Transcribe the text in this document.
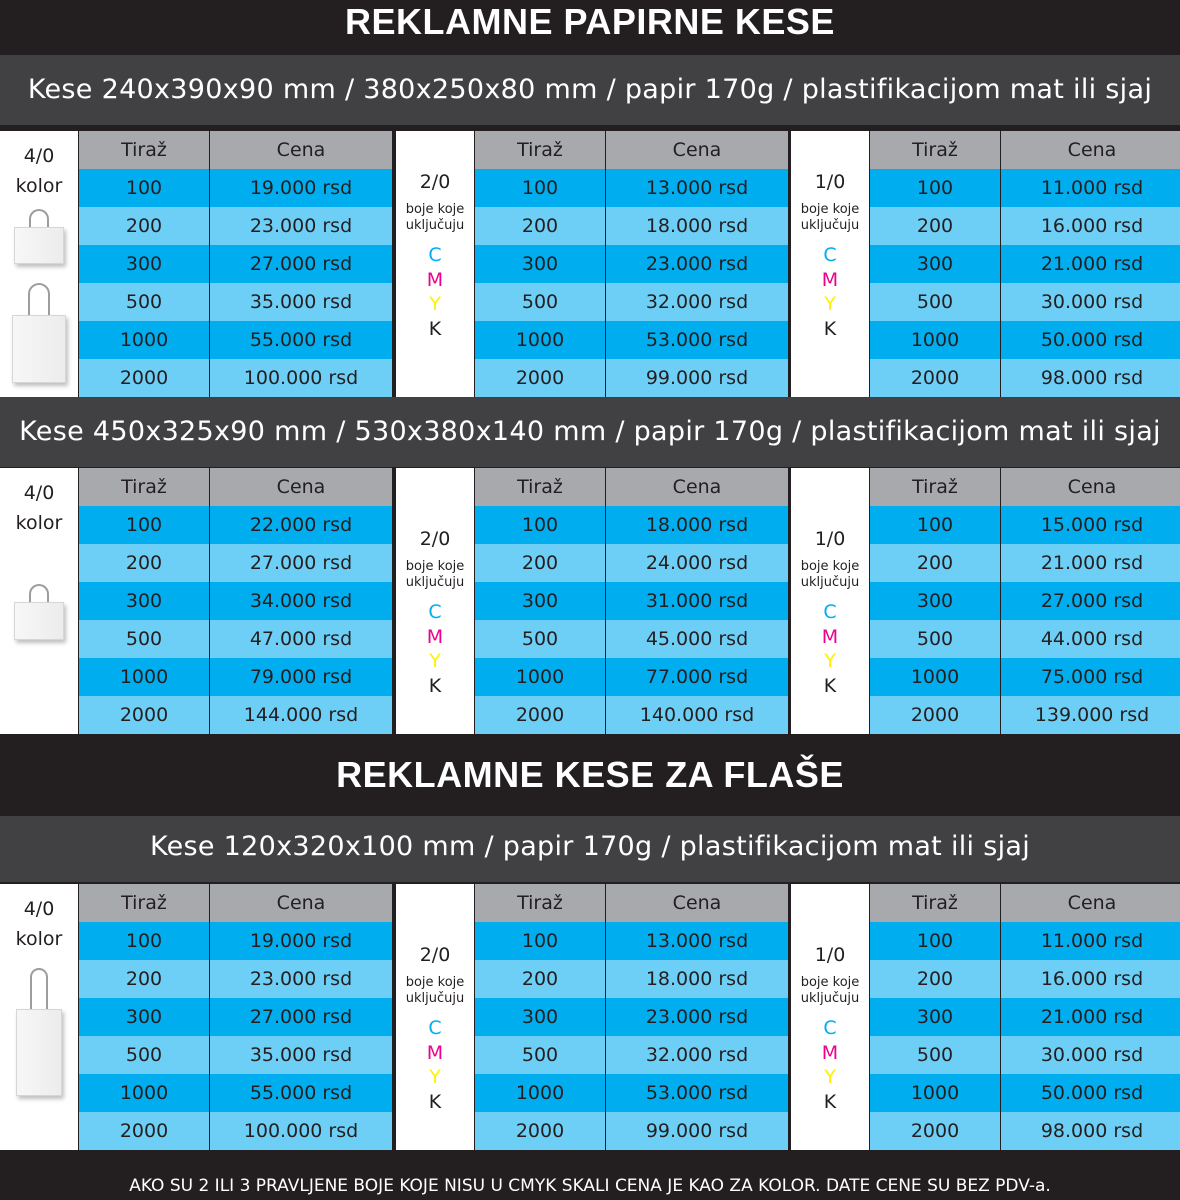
REKLAMNE PAPIRNE KESE
Kese 240x390x90 mm / 380x250x80 mm / papir 170g / plastifikacijom mat ili sjaj
4/0
kolor
Tiraž	Cena
100	19.000 rsd
200	23.000 rsd
300	27.000 rsd
500	35.000 rsd
1000	55.000 rsd
2000	100.000 rsd
2/0
boje koje
uključuju
C
M
Y
K
Tiraž	Cena
100	13.000 rsd
200	18.000 rsd
300	23.000 rsd
500	32.000 rsd
1000	53.000 rsd
2000	99.000 rsd
1/0
boje koje
uključuju
C
M
Y
K
Tiraž	Cena
100	11.000 rsd
200	16.000 rsd
300	21.000 rsd
500	30.000 rsd
1000	50.000 rsd
2000	98.000 rsd
Kese 450x325x90 mm / 530x380x140 mm / papir 170g / plastifikacijom mat ili sjaj
4/0
kolor
Tiraž	Cena
100	22.000 rsd
200	27.000 rsd
300	34.000 rsd
500	47.000 rsd
1000	79.000 rsd
2000	144.000 rsd
2/0
boje koje
uključuju
C
M
Y
K
Tiraž	Cena
100	18.000 rsd
200	24.000 rsd
300	31.000 rsd
500	45.000 rsd
1000	77.000 rsd
2000	140.000 rsd
1/0
boje koje
uključuju
C
M
Y
K
Tiraž	Cena
100	15.000 rsd
200	21.000 rsd
300	27.000 rsd
500	44.000 rsd
1000	75.000 rsd
2000	139.000 rsd
REKLAMNE KESE ZA FLAŠE
Kese 120x320x100 mm / papir 170g / plastifikacijom mat ili sjaj
4/0
kolor
Tiraž	Cena
100	19.000 rsd
200	23.000 rsd
300	27.000 rsd
500	35.000 rsd
1000	55.000 rsd
2000	100.000 rsd
2/0
boje koje
uključuju
C
M
Y
K
Tiraž	Cena
100	13.000 rsd
200	18.000 rsd
300	23.000 rsd
500	32.000 rsd
1000	53.000 rsd
2000	99.000 rsd
1/0
boje koje
uključuju
C
M
Y
K
Tiraž	Cena
100	11.000 rsd
200	16.000 rsd
300	21.000 rsd
500	30.000 rsd
1000	50.000 rsd
2000	98.000 rsd
AKO SU 2 ILI 3 PRAVLJENE BOJE KOJE NISU U CMYK SKALI CENA JE KAO ZA KOLOR. DATE CENE SU BEZ PDV-a.
